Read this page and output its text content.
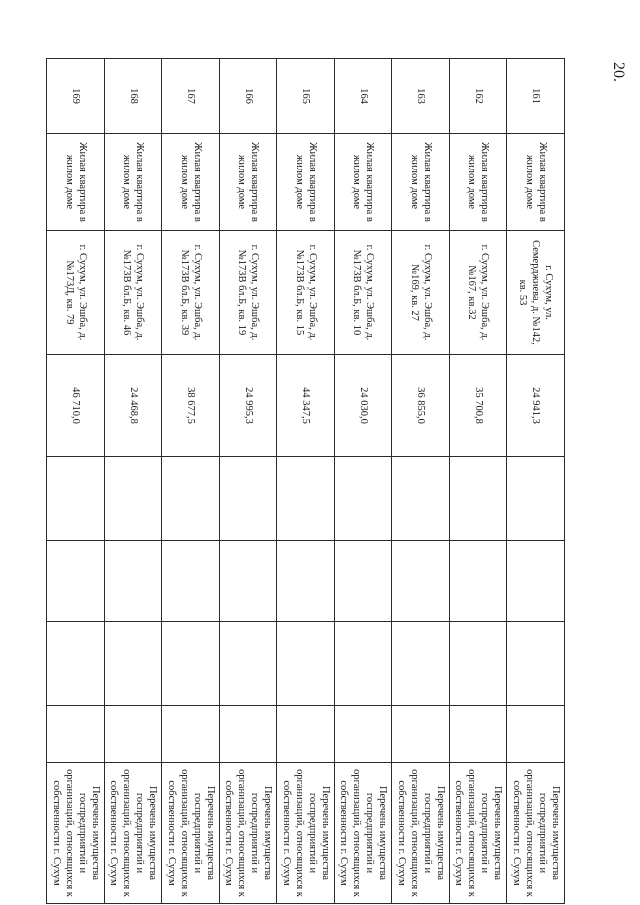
20.
161	Жилая квартира в жилом доме	г. Сухум, ул. Семерджиева, д. №142, кв. 53	24 941,3					Перечень имущества госпредприятий и организаций, относящихся к собственности г. Сухум
162	Жилая квартира в жилом доме	г. Сухум, ул. Эшба, д. №167, кв.32	35 700,8					Перечень имущества госпредприятий и организаций, относящихся к собственности г. Сухум
163	Жилая квартира в жилом доме	г. Сухум, ул. Эшба, д. №169, кв. 27	36 855,0					Перечень имущества госпредприятий и организаций, относящихся к собственности г. Сухум
164	Жилая квартира в жилом доме	г. Сухум, ул. Эшба, д. №173В бл.Б, кв. 10	24 030,0					Перечень имущества госпредприятий и организаций, относящихся к собственности г. Сухум
165	Жилая квартира в жилом доме	г. Сухум, ул. Эшба, д. №173В бл.Б, кв. 15	44 347,5					Перечень имущества госпредприятий и организаций, относящихся к собственности г. Сухум
166	Жилая квартира в жилом доме	г. Сухум, ул. Эшба, д. №173В бл.Б, кв. 19	24 995,3					Перечень имущества госпредприятий и организаций, относящихся к собственности г. Сухум
167	Жилая квартира в жилом доме	г. Сухум, ул. Эшба, д. №173В бл.Б, кв. 39	38 677,5					Перечень имущества госпредприятий и организаций, относящихся к собственности г. Сухум
168	Жилая квартира в жилом доме	г. Сухум, ул. Эшба, д. №173В бл.Б, кв. 46	24 468,8					Перечень имущества госпредприятий и организаций, относящихся к собственности г. Сухум
169	Жилая квартира в жилом доме	г. Сухум, ул. Эшба, д. №173Д, кв. 79	46 710,0					Перечень имущества госпредприятий и организаций, относящихся к собственности г. Сухум
